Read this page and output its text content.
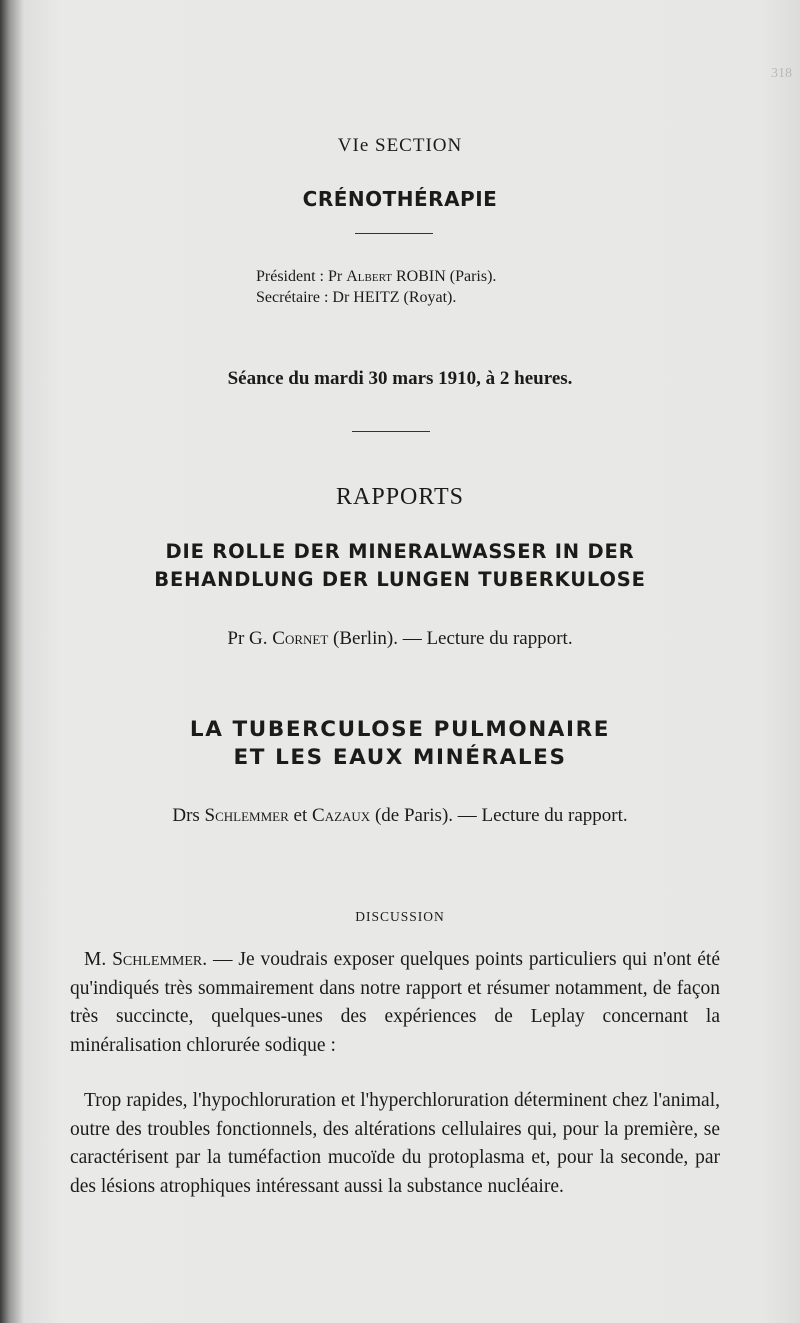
318
VIe SECTION
CRÉNOTHÉRAPIE
Président : Pr Albert ROBIN (Paris).
Secrétaire : Dr HEITZ (Royat).
Séance du mardi 30 mars 1910, à 2 heures.
RAPPORTS
DIE ROLLE DER MINERALWASSER IN DER
BEHANDLUNG DER LUNGEN TUBERKULOSE
Pr G. Cornet (Berlin). — Lecture du rapport.
LA TUBERCULOSE PULMONAIRE
ET LES EAUX MINÉRALES
Drs Schlemmer et Cazaux (de Paris). — Lecture du rapport.
DISCUSSION

M. Schlemmer. — Je voudrais exposer quelques points particuliers qui n'ont été qu'indiqués très sommairement dans notre rapport et résumer notamment, de façon très succincte, quelques-unes des expériences de Leplay concernant la minéralisation chlorurée sodique :

Trop rapides, l'hypochloruration et l'hyperchloruration déterminent chez l'animal, outre des troubles fonctionnels, des altérations cellulaires qui, pour la première, se caractérisent par la tuméfaction mucoïde du protoplasma et, pour la seconde, par des lésions atrophiques intéressant aussi la substance nucléaire.
